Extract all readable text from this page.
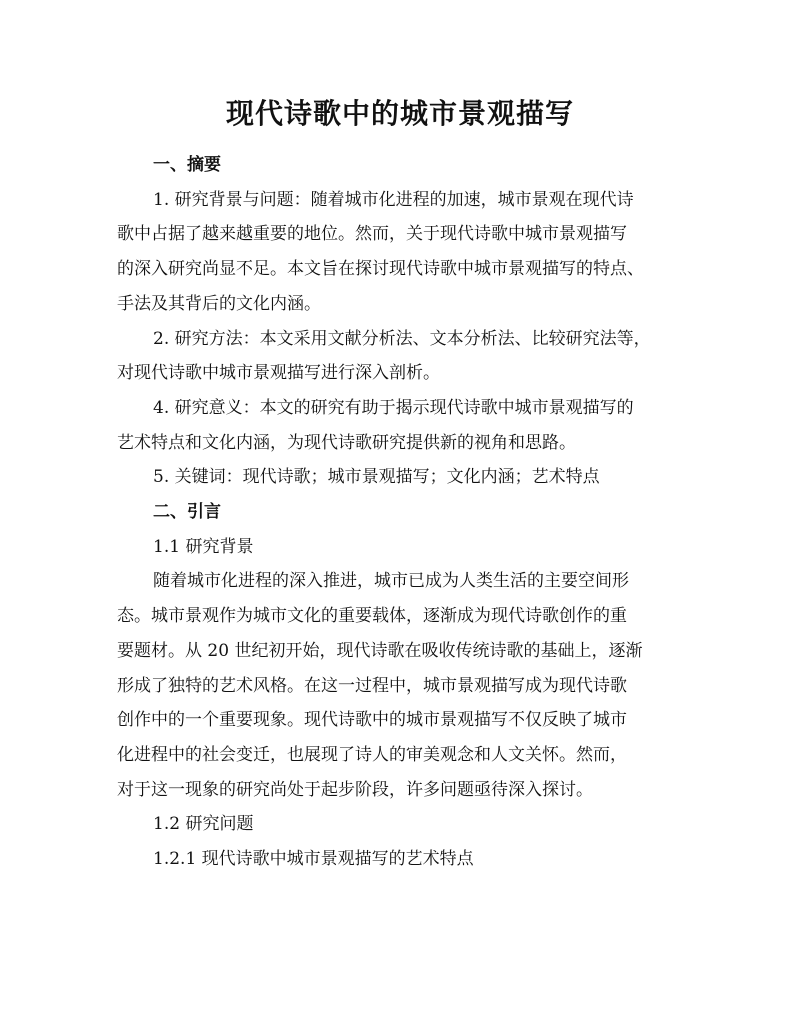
现代诗歌中的城市景观描写

一、摘要

1. 研究背景与问题：随着城市化进程的加速，城市景观在现代诗
歌中占据了越来越重要的地位。然而，关于现代诗歌中城市景观描写
的深入研究尚显不足。本文旨在探讨现代诗歌中城市景观描写的特点、
手法及其背后的文化内涵。

2. 研究方法：本文采用文献分析法、文本分析法、比较研究法等，
对现代诗歌中城市景观描写进行深入剖析。

4. 研究意义：本文的研究有助于揭示现代诗歌中城市景观描写的
艺术特点和文化内涵，为现代诗歌研究提供新的视角和思路。

5. 关键词：现代诗歌；城市景观描写；文化内涵；艺术特点

二、引言

1.1 研究背景

随着城市化进程的深入推进，城市已成为人类生活的主要空间形
态。城市景观作为城市文化的重要载体，逐渐成为现代诗歌创作的重
要题材。从 20 世纪初开始，现代诗歌在吸收传统诗歌的基础上，逐渐
形成了独特的艺术风格。在这一过程中，城市景观描写成为现代诗歌
创作中的一个重要现象。现代诗歌中的城市景观描写不仅反映了城市
化进程中的社会变迁，也展现了诗人的审美观念和人文关怀。然而，
对于这一现象的研究尚处于起步阶段，许多问题亟待深入探讨。

1.2 研究问题

1.2.1 现代诗歌中城市景观描写的艺术特点
